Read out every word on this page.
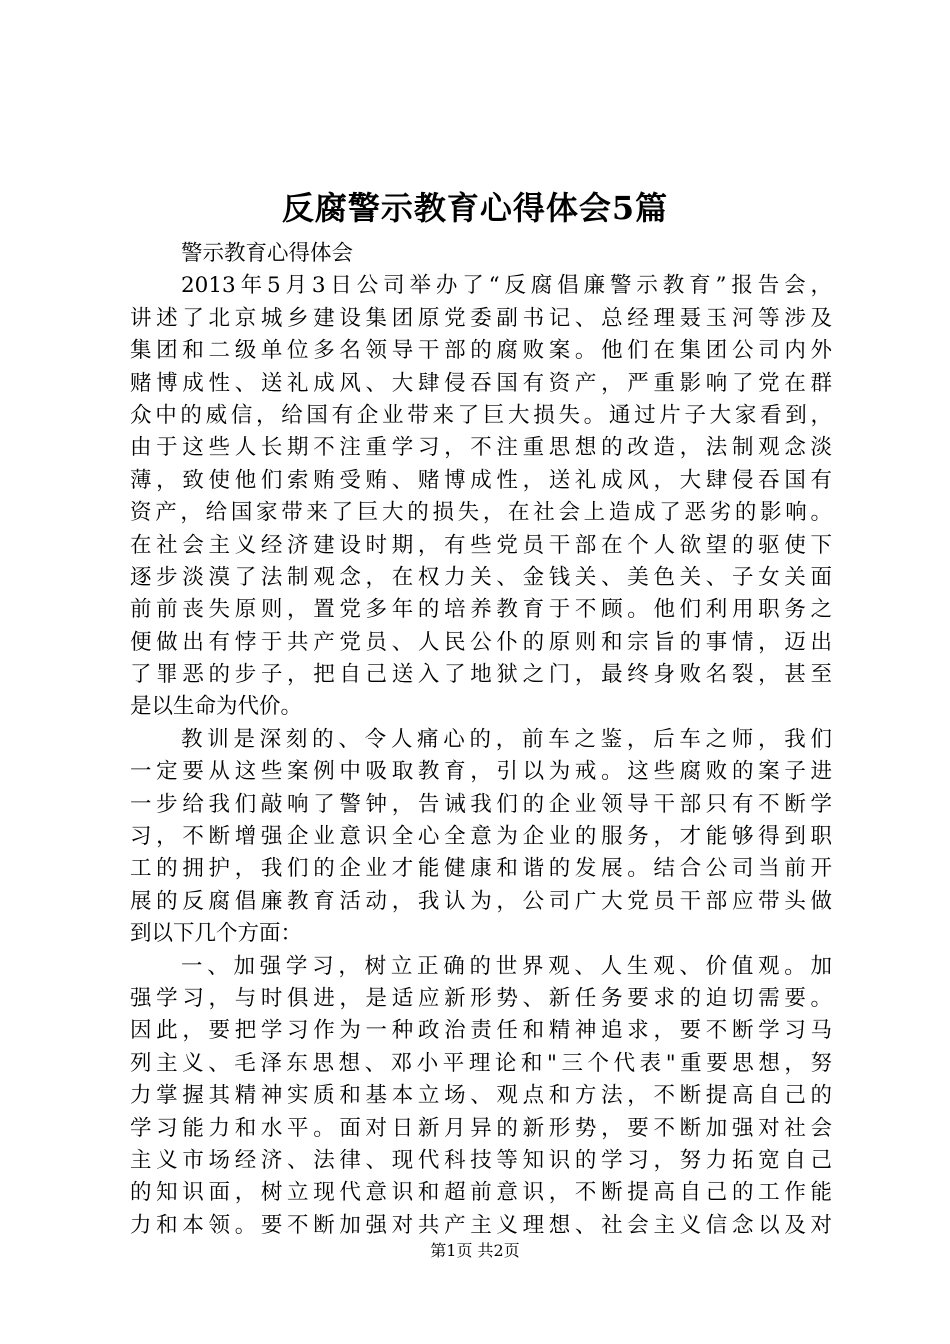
反腐警示教育心得体会5篇
警示教育心得体会
2013年5月3日公司举办了“反腐倡廉警示教育”报告会，
讲述了北京城乡建设集团原党委副书记、总经理聂玉河等涉及
集团和二级单位多名领导干部的腐败案。他们在集团公司内外
赌博成性、送礼成风、大肆侵吞国有资产，严重影响了党在群
众中的威信，给国有企业带来了巨大损失。通过片子大家看到，
由于这些人长期不注重学习，不注重思想的改造，法制观念淡
薄，致使他们索贿受贿、赌博成性，送礼成风，大肆侵吞国有
资产，给国家带来了巨大的损失，在社会上造成了恶劣的影响。
在社会主义经济建设时期，有些党员干部在个人欲望的驱使下
逐步淡漠了法制观念，在权力关、金钱关、美色关、子女关面
前前丧失原则，置党多年的培养教育于不顾。他们利用职务之
便做出有悖于共产党员、人民公仆的原则和宗旨的事情，迈出
了罪恶的步子，把自己送入了地狱之门，最终身败名裂，甚至
是以生命为代价。
教训是深刻的、令人痛心的，前车之鉴，后车之师，我们
一定要从这些案例中吸取教育，引以为戒。这些腐败的案子进
一步给我们敲响了警钟，告诫我们的企业领导干部只有不断学
习，不断增强企业意识全心全意为企业的服务，才能够得到职
工的拥护，我们的企业才能健康和谐的发展。结合公司当前开
展的反腐倡廉教育活动，我认为，公司广大党员干部应带头做
到以下几个方面：
一、加强学习，树立正确的世界观、人生观、价值观。加
强学习，与时俱进，是适应新形势、新任务要求的迫切需要。
因此，要把学习作为一种政治责任和精神追求，要不断学习马
列主义、毛泽东思想、邓小平理论和"三个代表"重要思想，努
力掌握其精神实质和基本立场、观点和方法，不断提高自己的
学习能力和水平。面对日新月异的新形势，要不断加强对社会
主义市场经济、法律、现代科技等知识的学习，努力拓宽自己
的知识面，树立现代意识和超前意识，不断提高自己的工作能
力和本领。要不断加强对共产主义理想、社会主义信念以及对
第1页 共2页
